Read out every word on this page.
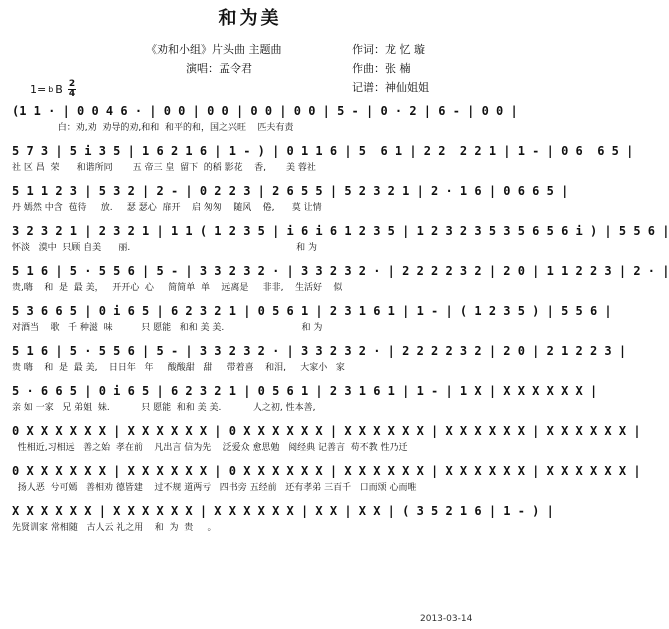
和为美
《劝和小组》片头曲 主题曲
演唱：孟令君
作词：龙 忆 璇
作曲：张 楠
记谱：神仙姐姐
1= b B $\frac{2}{4}$
(1 1 · | 0 0 4 6 · | 0 0 | 0 0 | 0 0 | 0 0 | 5 - | 0 · 2 | 6 - | 0 0 |
白：劝,劝  劝导的劝,和和  和平的和，国之兴旺    匹夫有责
5 7 3 | 5 i 3 5 | 1 6 2 1 6 | 1 - ) | 0 1 1 6 | 5  6 1 | 2 2  2 2 1 | 1 - | 0 6  6 5 |
社 区 昌  荣      和谐所同       五 帝三 皇  留下  的稻 影花    香,       美 蓉社
5 1 1 2 3 | 5 3 2 | 2 - | 0 2 2 3 | 2 6 5 5 | 5 2 3 2 1 | 2 · 1 6 | 0 6 6 5 |
丹 嫣然 中含  苞待     放.     瑟 瑟心  扉开    启 匆匆    随风    倦,      莫 让情
3 2 3 2 1 | 2 3 2 1 | 1 1 ( 1 2 3 5 | i 6 i 6 1 2 3 5 | 1 2 3 2 3 5 3 5 6 5 6 i ) | 5 5 6 |
怀淡   漠中  只顾 自美      丽.                                                          和 为
5 1 6 | 5 · 5 5 6 | 5 - | 3 3 2 3 2 · | 3 3 2 3 2 · | 2 2 2 2 3 2 | 2 0 | 1 1 2 2 3 | 2 · |
贵,嗨    和  是  最 美，   开开心  心     简简单  单    远离是     非非,    生活好    似
5 3 6 6 5 | 0 i 6 5 | 6 2 3 2 1 | 0 5 6 1 | 2 3 1 6 1 | 1 - | ( 1 2 3 5 ) | 5 5 6 |
对酒当    歌   千 种滋  味          只 愿能   和和 美 美.                           和 为
5 1 6 | 5 · 5 5 6 | 5 - | 3 3 2 3 2 · | 3 3 2 3 2 · | 2 2 2 2 3 2 | 2 0 | 2 1 2 2 3 |
贵 嗨    和  是  最 美,    日日年   年     酸酸甜   甜     带着喜    和泪,     大家小   家
5 · 6 6 5 | 0 i 6 5 | 6 2 3 2 1 | 0 5 6 1 | 2 3 1 6 1 | 1 - | 1 X | X X X X X X |
亲 如 一家   兄 弟姐  妹.           只 愿能  和和 美 美.           人之初, 性本善,
0 X X X X X X | X X X X X X | 0 X X X X X X | X X X X X X | X X X X X X | X X X X X X |
性相近,习相远   善之始  孝在前    凡出言 信为先    泛爱众 愈思勉   阅经典 记善言  苟不教 性乃迁
0 X X X X X X | X X X X X X | 0 X X X X X X | X X X X X X | X X X X X X | X X X X X X |
扬人恶  兮可嫣   善相劝 德皆建    过不规 道两亏   四书旁 五经前   还有孝弟 三百千   口而颂 心而唯
X X X X X X | X X X X X X | X X X X X X | X X | X X | ( 3 5 2 1 6 | 1 - ) |
先贤训家 常相随   古人云 礼之用    和  为  贵     。
2013-03-14
